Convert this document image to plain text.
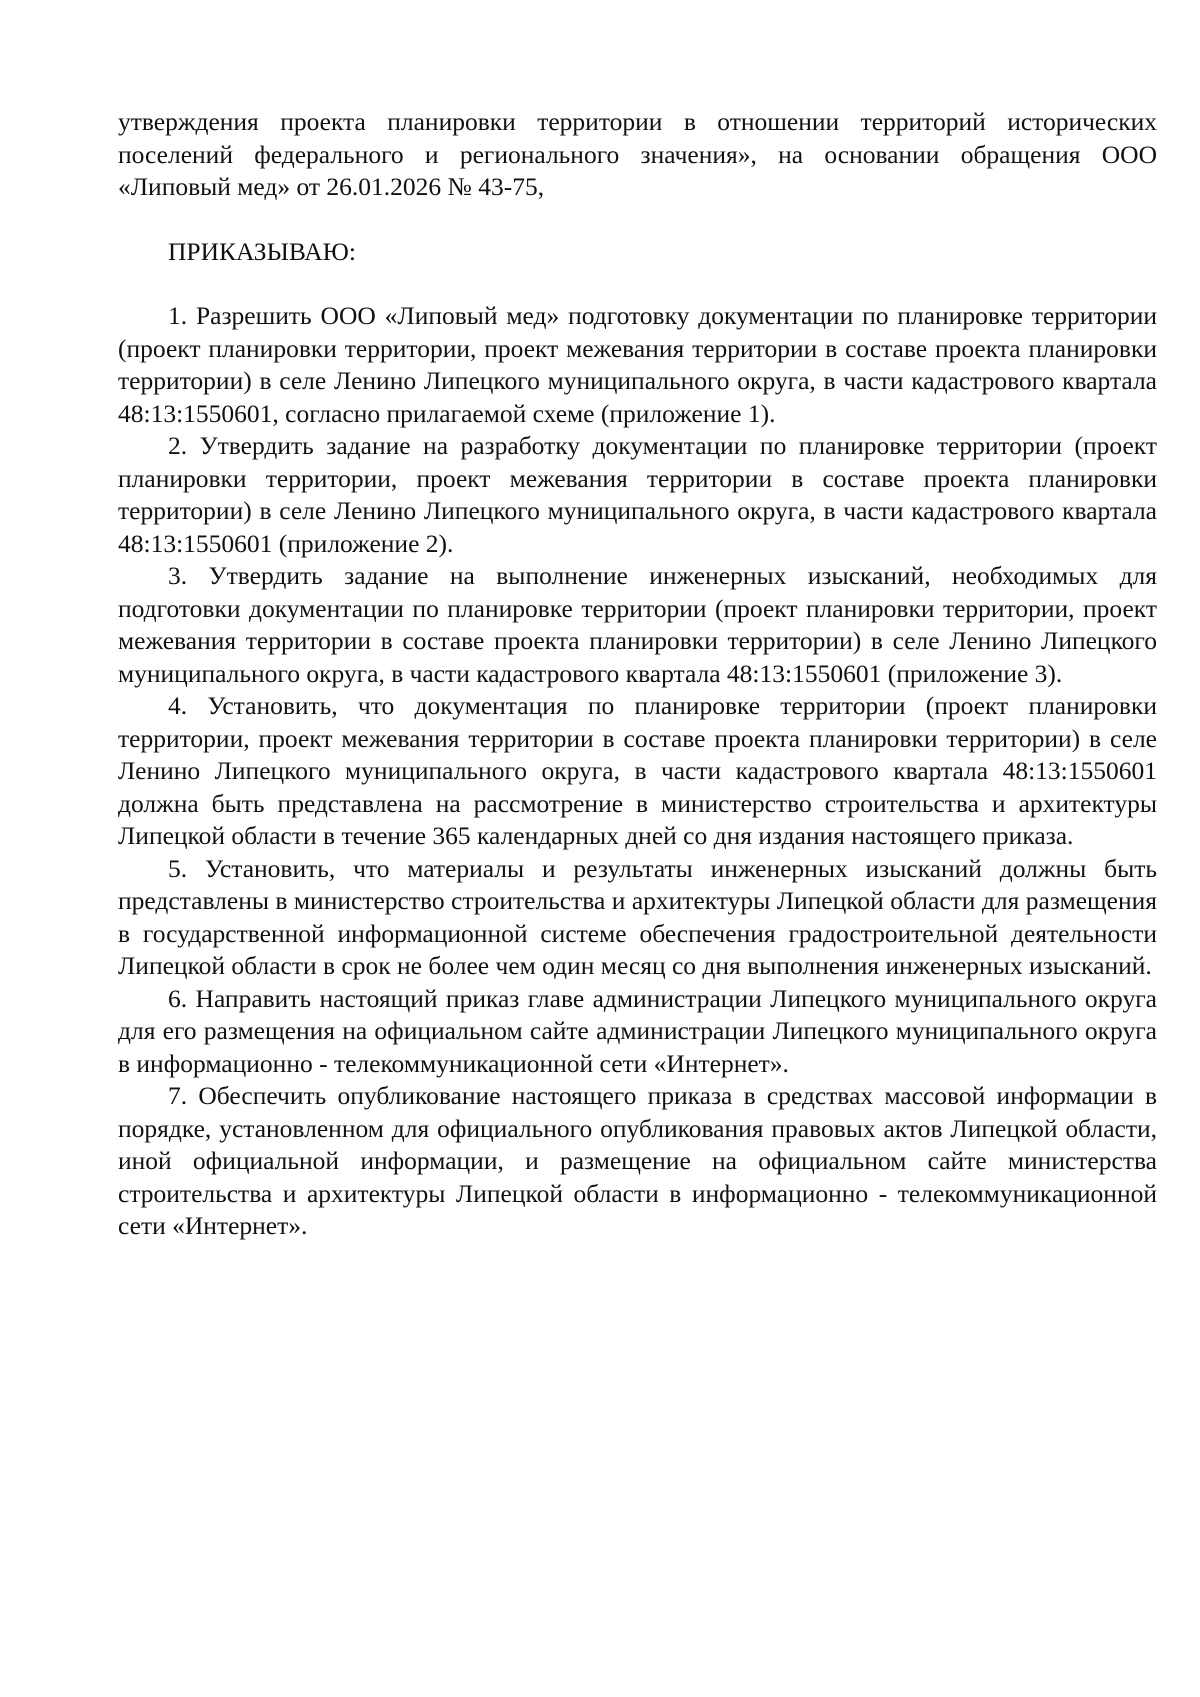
утверждения проекта планировки территории в отношении территорий исторических поселений федерального и регионального значения», на основании обращения ООО «Липовый мед» от 26.01.2026 № 43-75,

ПРИКАЗЫВАЮ:

1. Разрешить ООО «Липовый мед» подготовку документации по планировке территории (проект планировки территории, проект межевания территории в составе проекта планировки территории) в селе Ленино Липецкого муниципального округа, в части кадастрового квартала 48:13:1550601, согласно прилагаемой схеме (приложение 1).

2. Утвердить задание на разработку документации по планировке территории (проект планировки территории, проект межевания территории в составе проекта планировки территории) в селе Ленино Липецкого муниципального округа, в части кадастрового квартала 48:13:1550601 (приложение 2).

3. Утвердить задание на выполнение инженерных изысканий, необходимых для подготовки документации по планировке территории (проект планировки территории, проект межевания территории в составе проекта планировки территории) в селе Ленино Липецкого муниципального округа, в части кадастрового квартала 48:13:1550601 (приложение 3).

4. Установить, что документация по планировке территории (проект планировки территории, проект межевания территории в составе проекта планировки территории) в селе Ленино Липецкого муниципального округа, в части кадастрового квартала 48:13:1550601 должна быть представлена на рассмотрение в министерство строительства и архитектуры Липецкой области в течение 365 календарных дней со дня издания настоящего приказа.

5. Установить, что материалы и результаты инженерных изысканий должны быть представлены в министерство строительства и архитектуры Липецкой области для размещения в государственной информационной системе обеспечения градостроительной деятельности Липецкой области в срок не более чем один месяц со дня выполнения инженерных изысканий.

6. Направить настоящий приказ главе администрации Липецкого муниципального округа для его размещения на официальном сайте администрации Липецкого муниципального округа в информационно - телекоммуникационной сети «Интернет».

7. Обеспечить опубликование настоящего приказа в средствах массовой информации в порядке, установленном для официального опубликования правовых актов Липецкой области, иной официальной информации, и размещение на официальном сайте министерства строительства и архитектуры Липецкой области в информационно - телекоммуникационной сети «Интернет».
